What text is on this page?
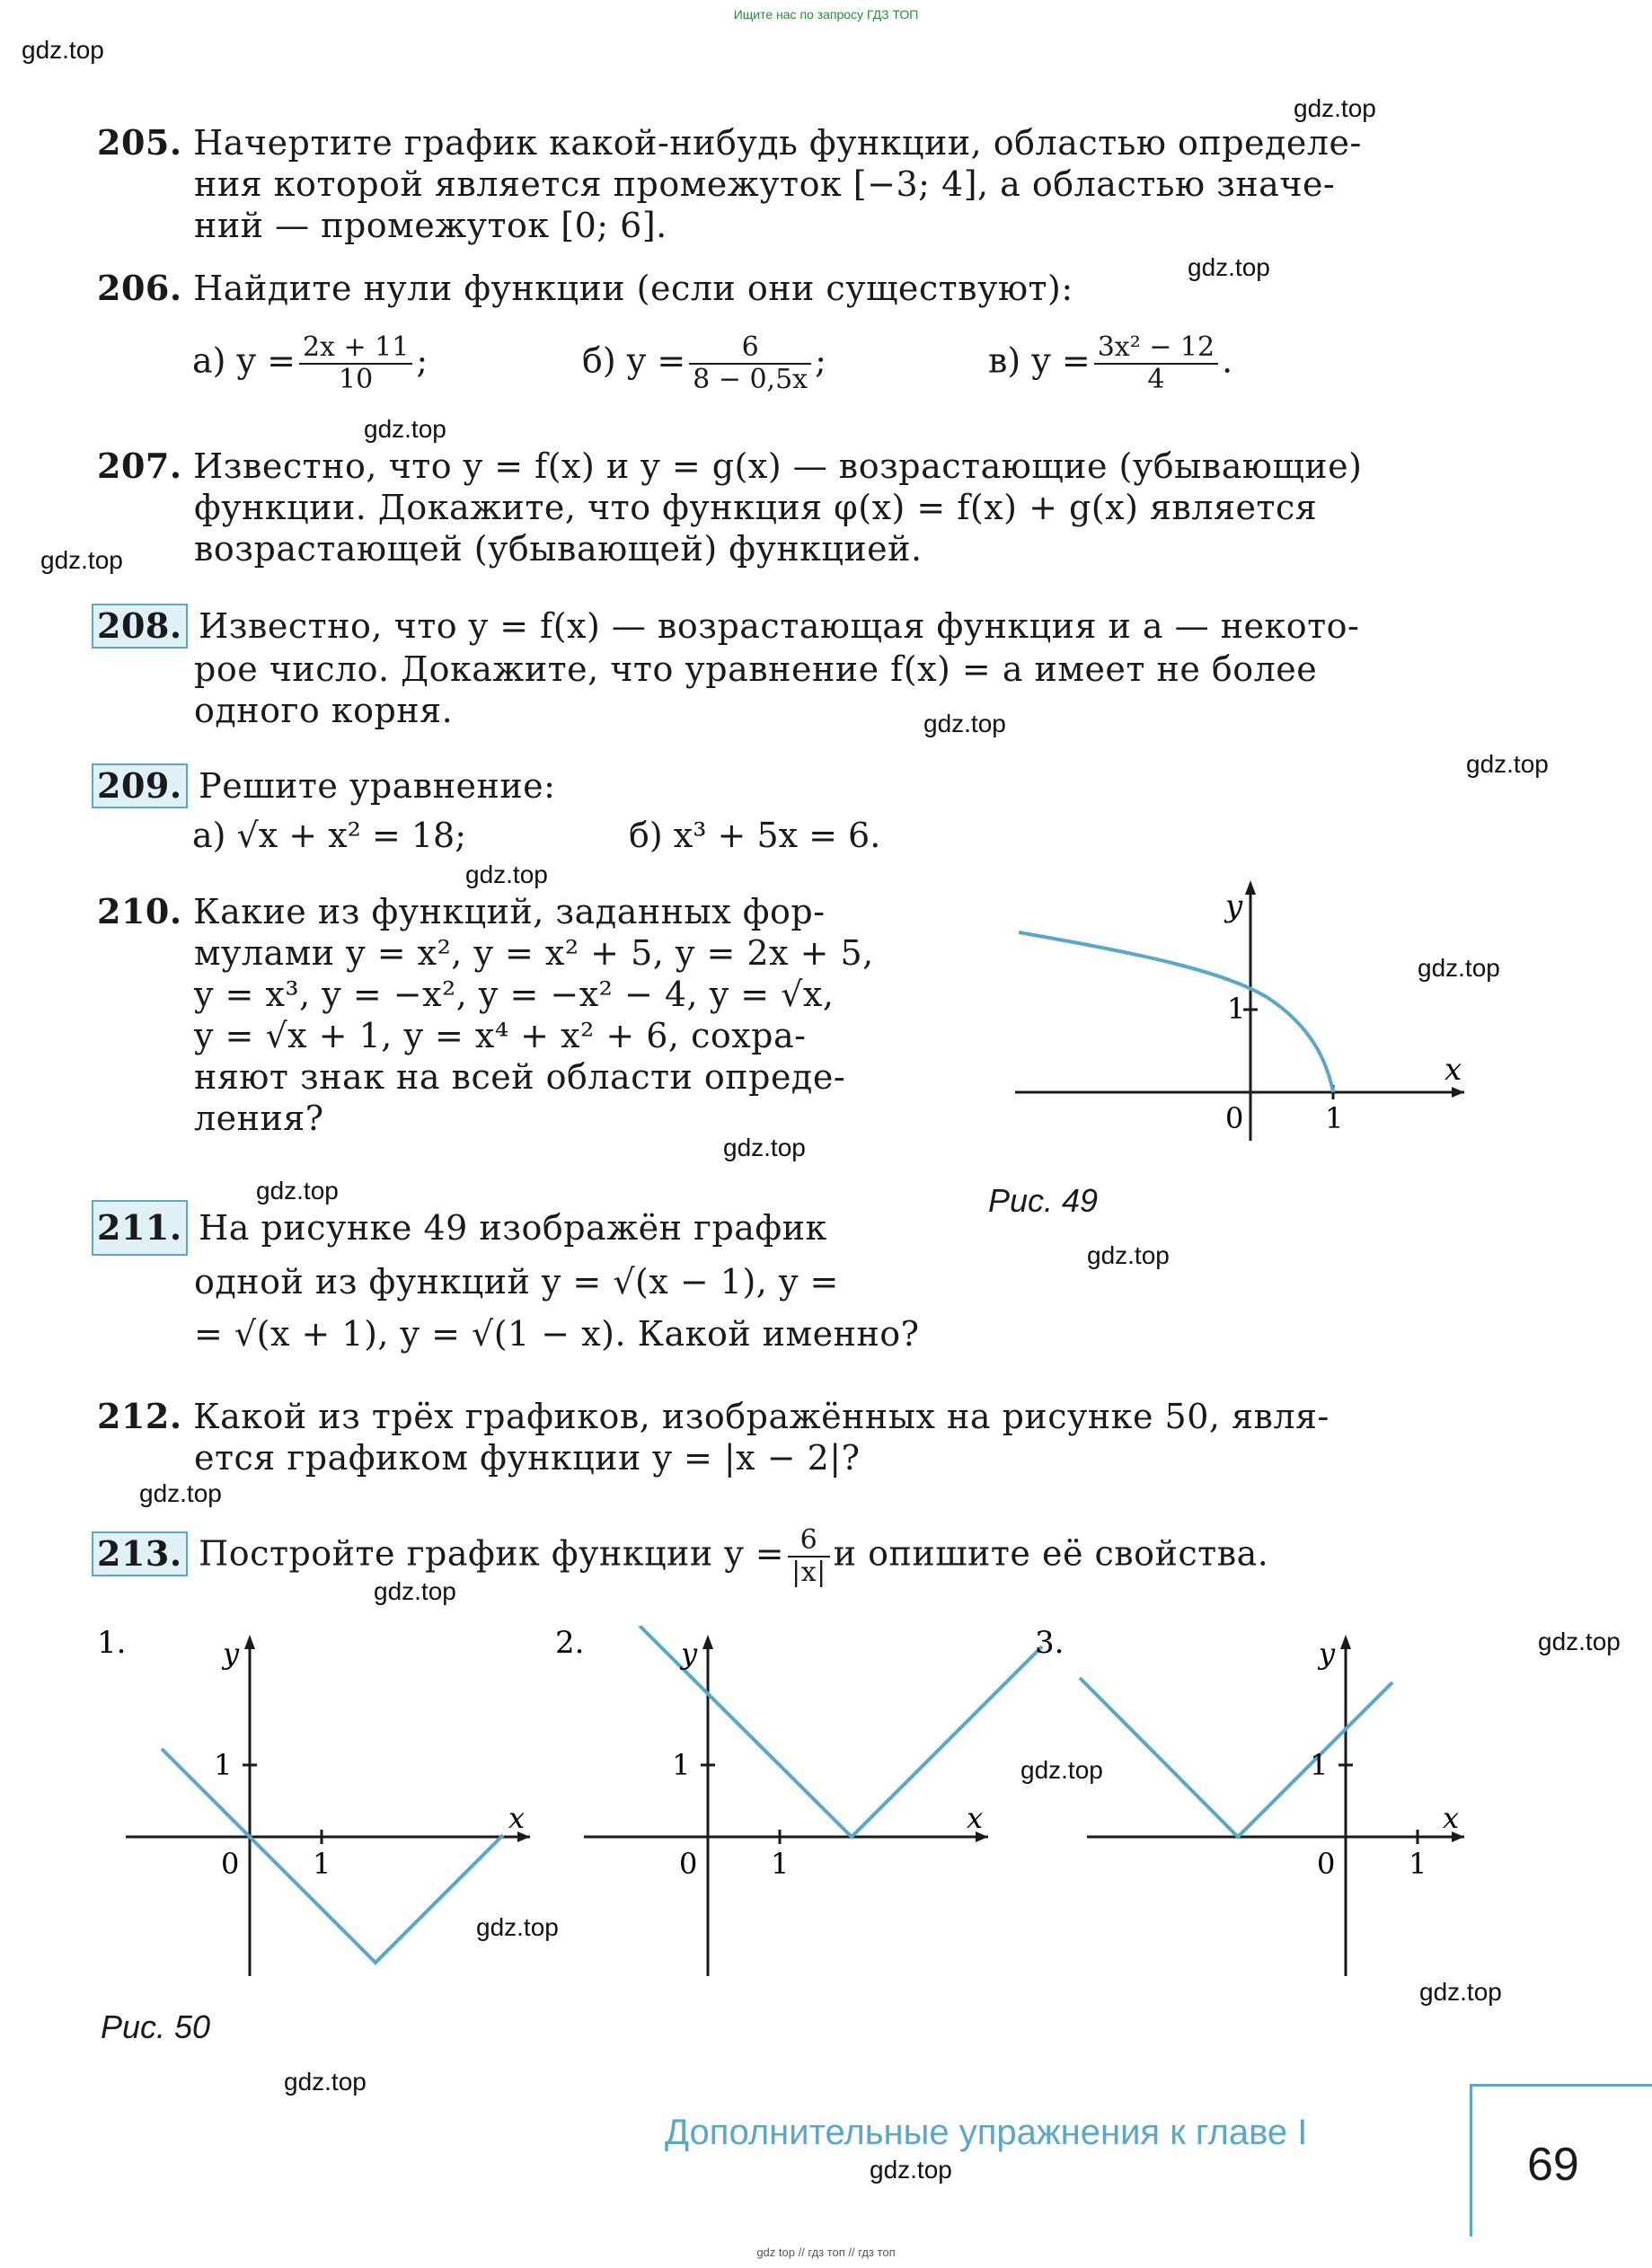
Ищите нас по запросу ГДЗ ТОП
gdz.top
gdz.top
gdz.top
gdz.top
gdz.top
gdz.top
gdz.top
gdz.top
gdz.top
gdz.top
gdz.top
gdz.top
gdz.top
gdz.top
gdz.top
gdz.top
gdz.top
gdz.top
gdz.top
gdz.top
205. Начертите график какой-нибудь функции, областью определе-
ния которой является промежуток [−3; 4], а областью значе-
ний — промежуток [0; 6].
206. Найдите нули функции (если они существуют):
а) $y = \frac{2x + 11}{10}$ ;	б) $y = \frac{6}{8 - 0,5x}$ ;	в) $y = \frac{\text{3x² − 12}}{4}$ .
207. Известно, что y = f(x) и y = g(x) — возрастающие (убывающие)
функции. Докажите, что функция φ(x) = f(x) + g(x) является
возрастающей (убывающей) функцией.
208. Известно, что y = f(x) — возрастающая функция и a — некото-
рое число. Докажите, что уравнение f(x) = a имеет не более
одного корня.
209. Решите уравнение:
а) √x + x² = 18;	б) x³ + 5x = 6.
210. Какие из функций, заданных фор-
мулами y = x², y = x² + 5, y = 2x + 5,
y = x³, y = −x², y = −x² − 4, y = √x,
y = √x + 1, y = x⁴ + x² + 6, сохра-
няют знак на всей области опреде-
ления?
y
x
1
0	1
Рис. 49
211. На рисунке 49 изображён график
одной из функций y = √(x − 1), y =
= √(x + 1), y = √(1 − x). Какой именно?
212. Какой из трёх графиков, изображённых на рисунке 50, явля-
ется графиком функции y = |x − 2|?
213. Постройте график функции $y = \frac{6}{|x|}$ и опишите её свойства.
1.	y
x
1
0	1
2.	y
x
1
0	1
3.	y
x
1
0	1
Рис. 50
Дополнительные упражнения к главе I
69
gdz top // гдз топ // гдз топ
